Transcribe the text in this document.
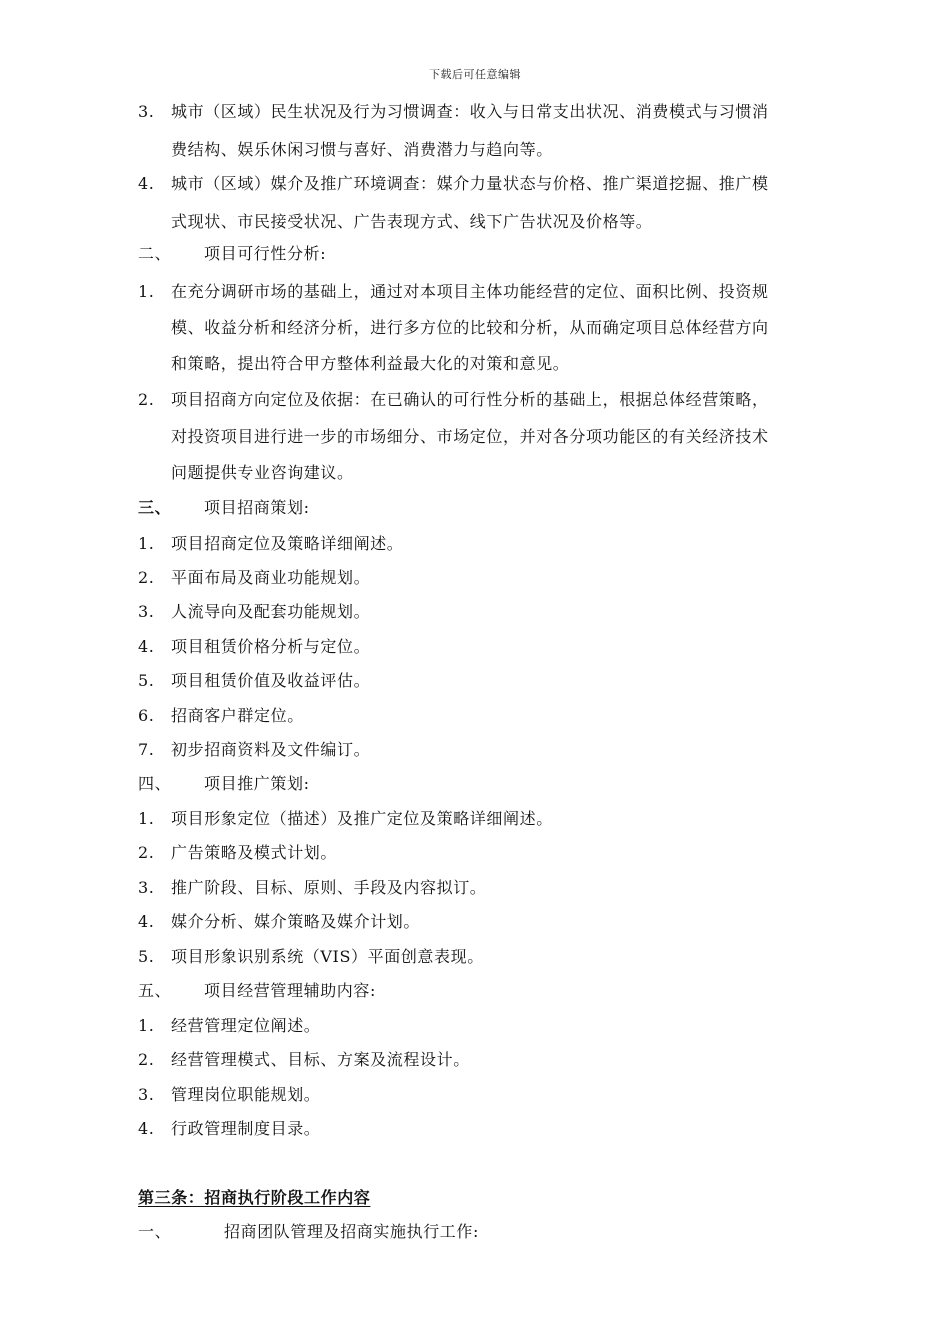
下载后可任意编辑
3. 城市（区域）民生状况及行为习惯调查：收入与日常支出状况、消费模式与习惯消
费结构、娱乐休闲习惯与喜好、消费潜力与趋向等。
4. 城市（区域）媒介及推广环境调查：媒介力量状态与价格、推广渠道挖掘、推广模
式现状、市民接受状况、广告表现方式、线下广告状况及价格等。
二、 项目可行性分析:
1. 在充分调研市场的基础上，通过对本项目主体功能经营的定位、面积比例、投资规
模、收益分析和经济分析，进行多方位的比较和分析，从而确定项目总体经营方向
和策略，提出符合甲方整体利益最大化的对策和意见。
2. 项目招商方向定位及依据：在已确认的可行性分析的基础上，根据总体经营策略，
对投资项目进行进一步的市场细分、市场定位，并对各分项功能区的有关经济技术
问题提供专业咨询建议。
三、 项目招商策划:
1. 项目招商定位及策略详细阐述。
2. 平面布局及商业功能规划。
3. 人流导向及配套功能规划。
4. 项目租赁价格分析与定位。
5. 项目租赁价值及收益评估。
6. 招商客户群定位。
7. 初步招商资料及文件编订。
四、 项目推广策划:
1. 项目形象定位（描述）及推广定位及策略详细阐述。
2. 广告策略及模式计划。
3. 推广阶段、目标、原则、手段及内容拟订。
4. 媒介分析、媒介策略及媒介计划。
5. 项目形象识别系统（VIS）平面创意表现。
五、 项目经营管理辅助内容:
1. 经营管理定位阐述。
2. 经营管理模式、目标、方案及流程设计。
3. 管理岗位职能规划。
4. 行政管理制度目录。
第三条：招商执行阶段工作内容
一、	招商团队管理及招商实施执行工作:
